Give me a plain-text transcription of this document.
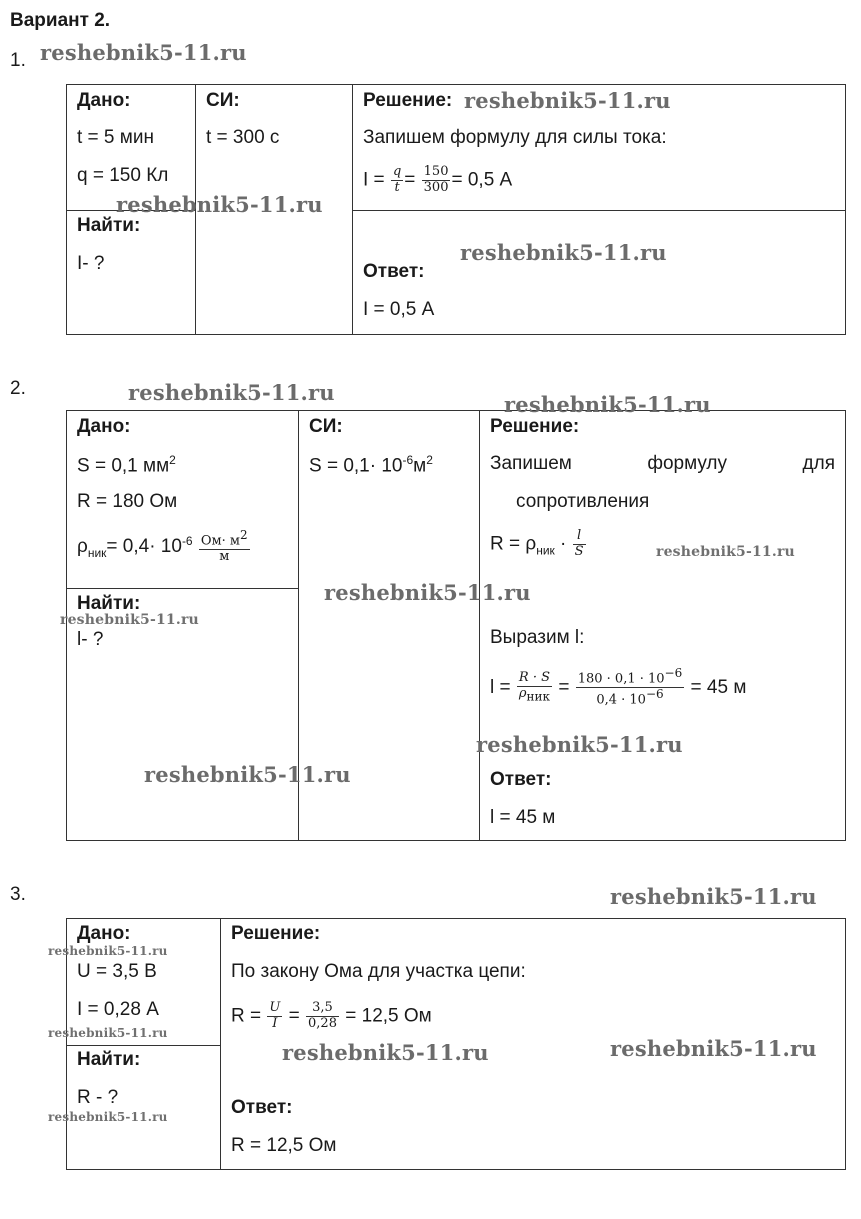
Вариант 2.
1.
Дано:
t = 5 мин
q = 150 Кл
Найти:
I- ?

СИ:
t = 300 с

Решение:
Запишем формулу для силы тока:
$I = \frac{q}{t} = \frac{150}{300} = 0,5$ А
Ответ:
I = 0,5 А
2.
Дано:
S = 0,1 $мм^2$
R = 180 Ом
$\rho_{ник}= 0,4\cdot 10^{-6} \frac{Ом\cdot м^2}{м}$
Найти:
l- ?

СИ:
$S = 0,1\cdot 10^{-6}м^2$

Решение:
Запишем	формулу	для
сопротивления
$R = \rho_{ник} \cdot \frac{l}{S}$
Выразим l:
$l = \frac{R \cdot S}{\rho_{ник}} = \frac{180 \cdot 0,1 \cdot 10^{-6}}{0,4 \cdot 10^{-6}} = 45$ м
Ответ:
l = 45 м
3.
Дано:
U = 3,5 В
I = 0,28 А
Найти:
R - ?

Решение:
По закону Ома для участка цепи:
$R = \frac{U}{I} = \frac{3,5}{0,28} = 12,5$ Ом
Ответ:
R = 12,5 Ом
reshebnik5-11.ru
reshebnik5-11.ru
reshebnik5-11.ru
reshebnik5-11.ru
reshebnik5-11.ru	reshebnik5-11.ru
reshebnik5-11.ru
reshebnik5-11.ru
reshebnik5-11.ru
reshebnik5-11.ru
reshebnik5-11.ru
reshebnik5-11.ru
reshebnik5-11.ru
reshebnik5-11.ru
reshebnik5-11.ru	reshebnik5-11.ru
reshebnik5-11.ru
